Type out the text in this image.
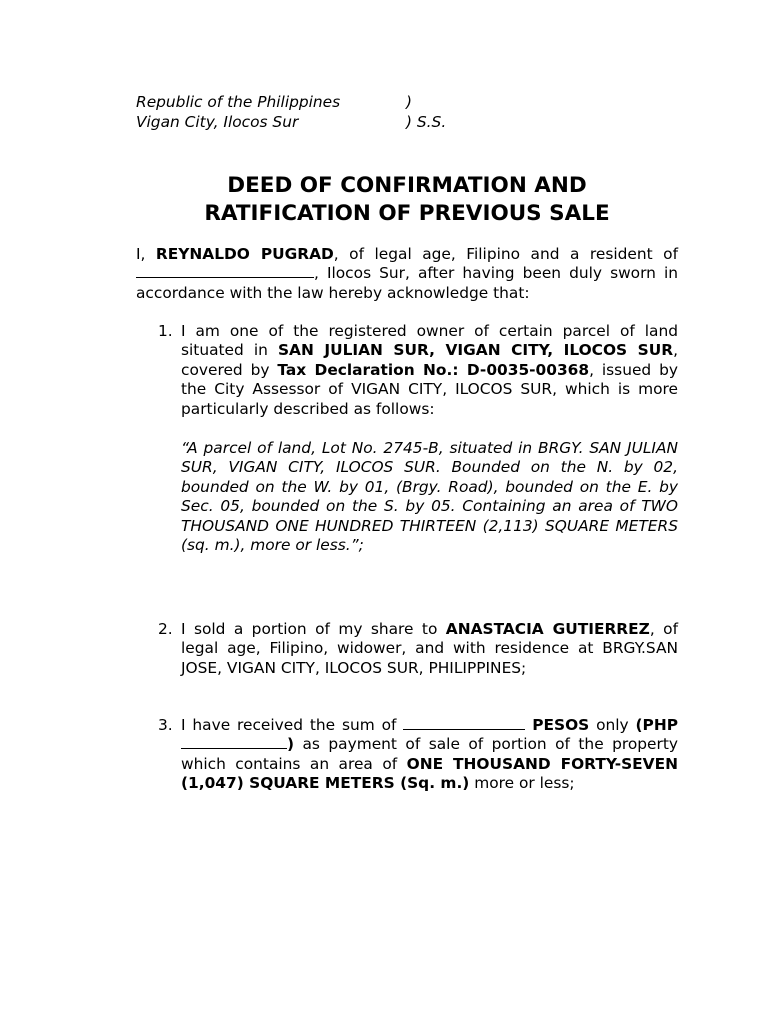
Republic of the Philippines	)
Vigan City, Ilocos Sur	) S.S.
DEED OF CONFIRMATION AND
RATIFICATION OF PREVIOUS SALE
I, REYNALDO PUGRAD, of legal age, Filipino and a resident of , Ilocos Sur, after having been duly sworn in accordance with the law hereby acknowledge that:
1. I am one of the registered owner of certain parcel of land situated in SAN JULIAN SUR, VIGAN CITY, ILOCOS SUR, covered by Tax Declaration No.: D-0035-00368, issued by the City Assessor of VIGAN CITY, ILOCOS SUR, which is more particularly described as follows:
“A parcel of land, Lot No. 2745-B, situated in BRGY. SAN JULIAN SUR, VIGAN CITY, ILOCOS SUR. Bounded on the N. by 02, bounded on the W. by 01, (Brgy. Road), bounded on the E. by Sec. 05, bounded on the S. by 05. Containing an area of TWO THOUSAND ONE HUNDRED THIRTEEN (2,113) SQUARE METERS (sq. m.), more or less.”;
2. I sold a portion of my share to ANASTACIA GUTIERREZ, of legal age, Filipino, widower, and with residence at BRGY.SAN JOSE, VIGAN CITY, ILOCOS SUR, PHILIPPINES;
3. I have received the sum of	PESOS only (PHP ) as payment of sale of portion of the property which contains an area of ONE THOUSAND FORTY-SEVEN (1,047) SQUARE METERS (Sq. m.) more or less;
